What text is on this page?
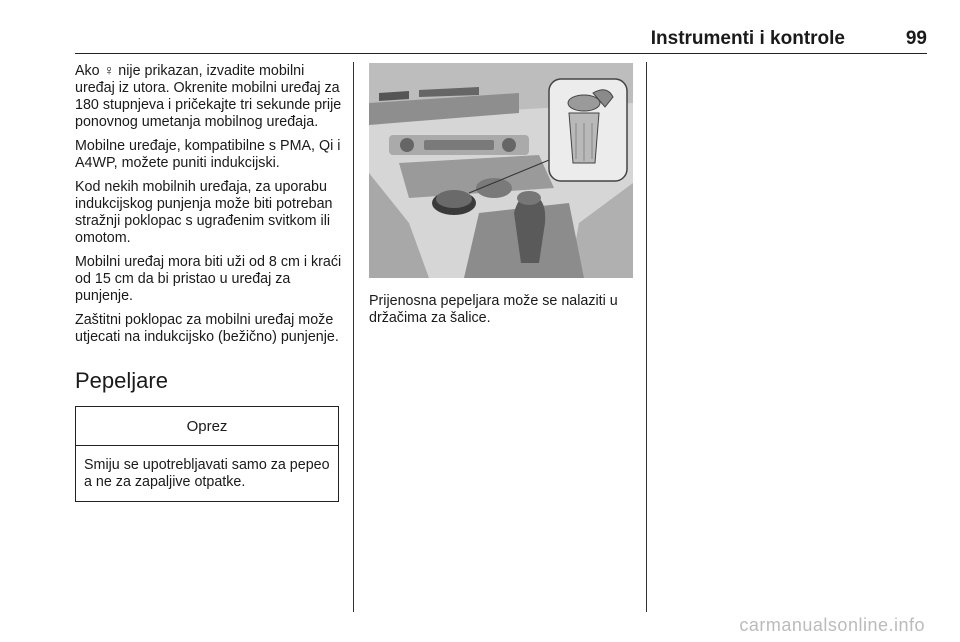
Instrumenti i kontrole	99

Ako ♀ nije prikazan, izvadite mobilni uređaj iz utora. Okrenite mobilni uređaj za 180 stupnjeva i pričekajte tri sekunde prije ponovnog umetanja mobilnog uređaja.

Mobilne uređaje, kompatibilne s PMA, Qi i A4WP, možete puniti indukcijski.

Kod nekih mobilnih uređaja, za uporabu indukcijskog punjenja može biti potreban stražnji poklopac s ugrađenim svitkom ili omotom.

Mobilni uređaj mora biti uži od 8 cm i kraći od 15 cm da bi pristao u uređaj za punjenje.

Zaštitni poklopac za mobilni uređaj može utjecati na indukcijsko (bežično) punjenje.

Pepeljare
Oprez
Smiju se upotrebljavati samo za pepeo a ne za zapaljive otpatke.
Prijenosna pepeljara može se nalaziti u držačima za šalice.
carmanualsonline.info
